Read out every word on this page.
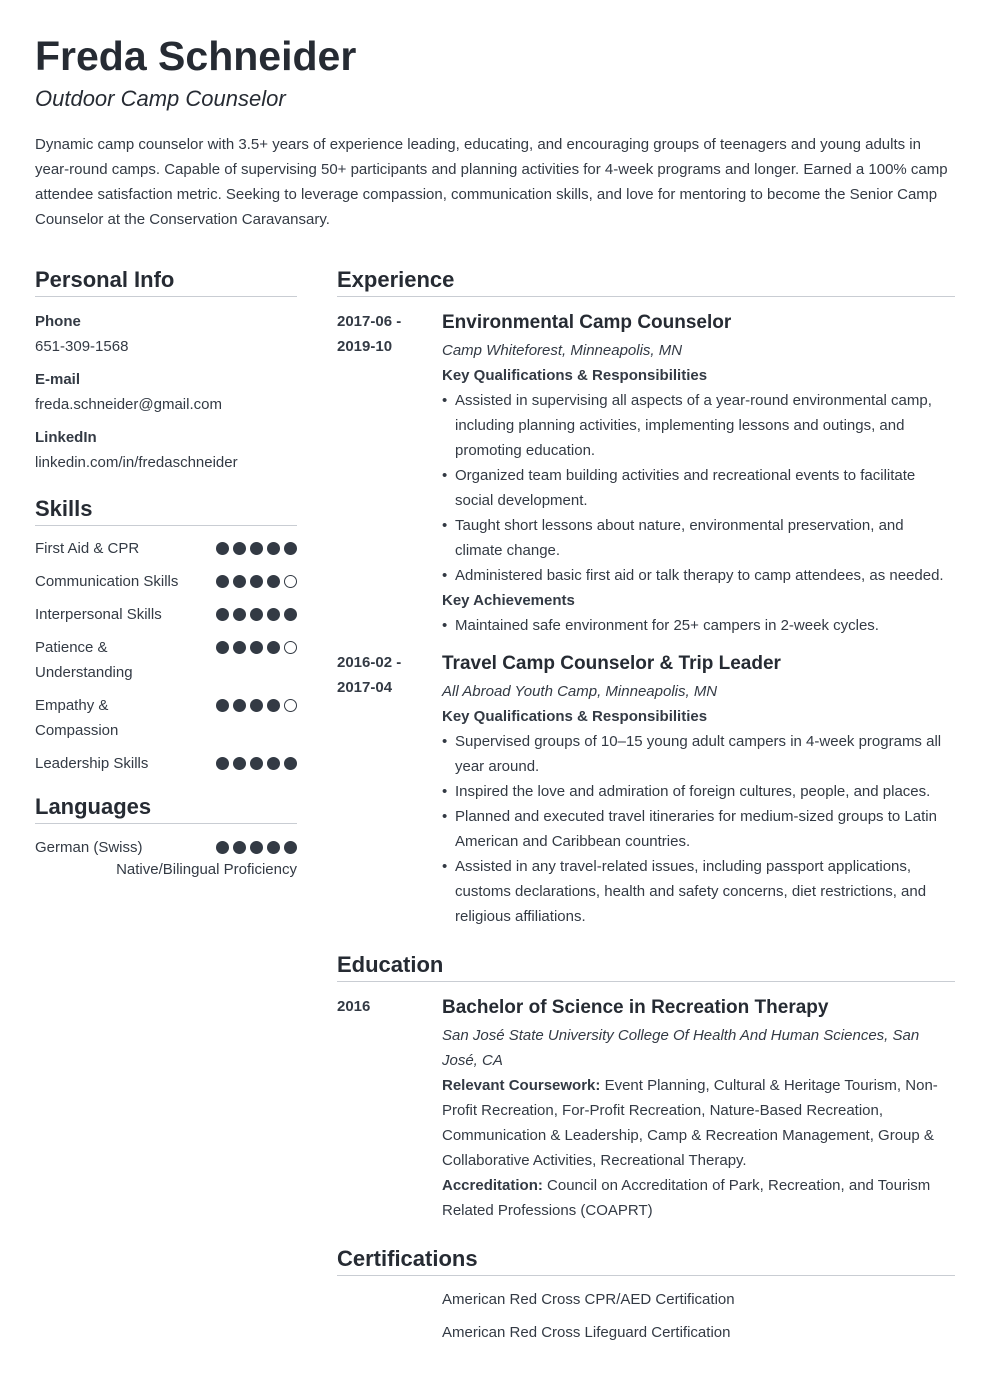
Freda Schneider
Outdoor Camp Counselor

Dynamic camp counselor with 3.5+ years of experience leading, educating, and encouraging groups of teenagers and young adults in year-round camps. Capable of supervising 50+ participants and planning activities for 4-week programs and longer. Earned a 100% camp attendee satisfaction metric. Seeking to leverage compassion, communication skills, and love for mentoring to become the Senior Camp Counselor at the Conservation Caravansary.

Personal Info
Phone
651-309-1568
E-mail
freda.schneider@gmail.com
LinkedIn
linkedin.com/in/fredaschneider
Skills
First Aid & CPR
Communication Skills
Interpersonal Skills
Patience & Understanding
Empathy & Compassion
Leadership Skills
Languages
German (Swiss)
Native/Bilingual Proficiency
Experience
2017-06 - 2019-10
Environmental Camp Counselor
Camp Whiteforest, Minneapolis, MN
Key Qualifications & Responsibilities
• Assisted in supervising all aspects of a year-round environmental camp, including planning activities, implementing lessons and outings, and promoting education.
• Organized team building activities and recreational events to facilitate social development.
• Taught short lessons about nature, environmental preservation, and climate change.
• Administered basic first aid or talk therapy to camp attendees, as needed.
Key Achievements
• Maintained safe environment for 25+ campers in 2-week cycles.
2016-02 - 2017-04
Travel Camp Counselor & Trip Leader
All Abroad Youth Camp, Minneapolis, MN
Key Qualifications & Responsibilities
• Supervised groups of 10–15 young adult campers in 4-week programs all year around.
• Inspired the love and admiration of foreign cultures, people, and places.
• Planned and executed travel itineraries for medium-sized groups to Latin American and Caribbean countries.
• Assisted in any travel-related issues, including passport applications, customs declarations, health and safety concerns, diet restrictions, and religious affiliations.
Education
2016	Bachelor of Science in Recreation Therapy
San José State University College Of Health And Human Sciences, San José, CA
Relevant Coursework: Event Planning, Cultural & Heritage Tourism, Non-Profit Recreation, For-Profit Recreation, Nature-Based Recreation, Communication & Leadership, Camp & Recreation Management, Group & Collaborative Activities, Recreational Therapy.
Accreditation: Council on Accreditation of Park, Recreation, and Tourism Related Professions (COAPRT)
Certifications
American Red Cross CPR/AED Certification
American Red Cross Lifeguard Certification
